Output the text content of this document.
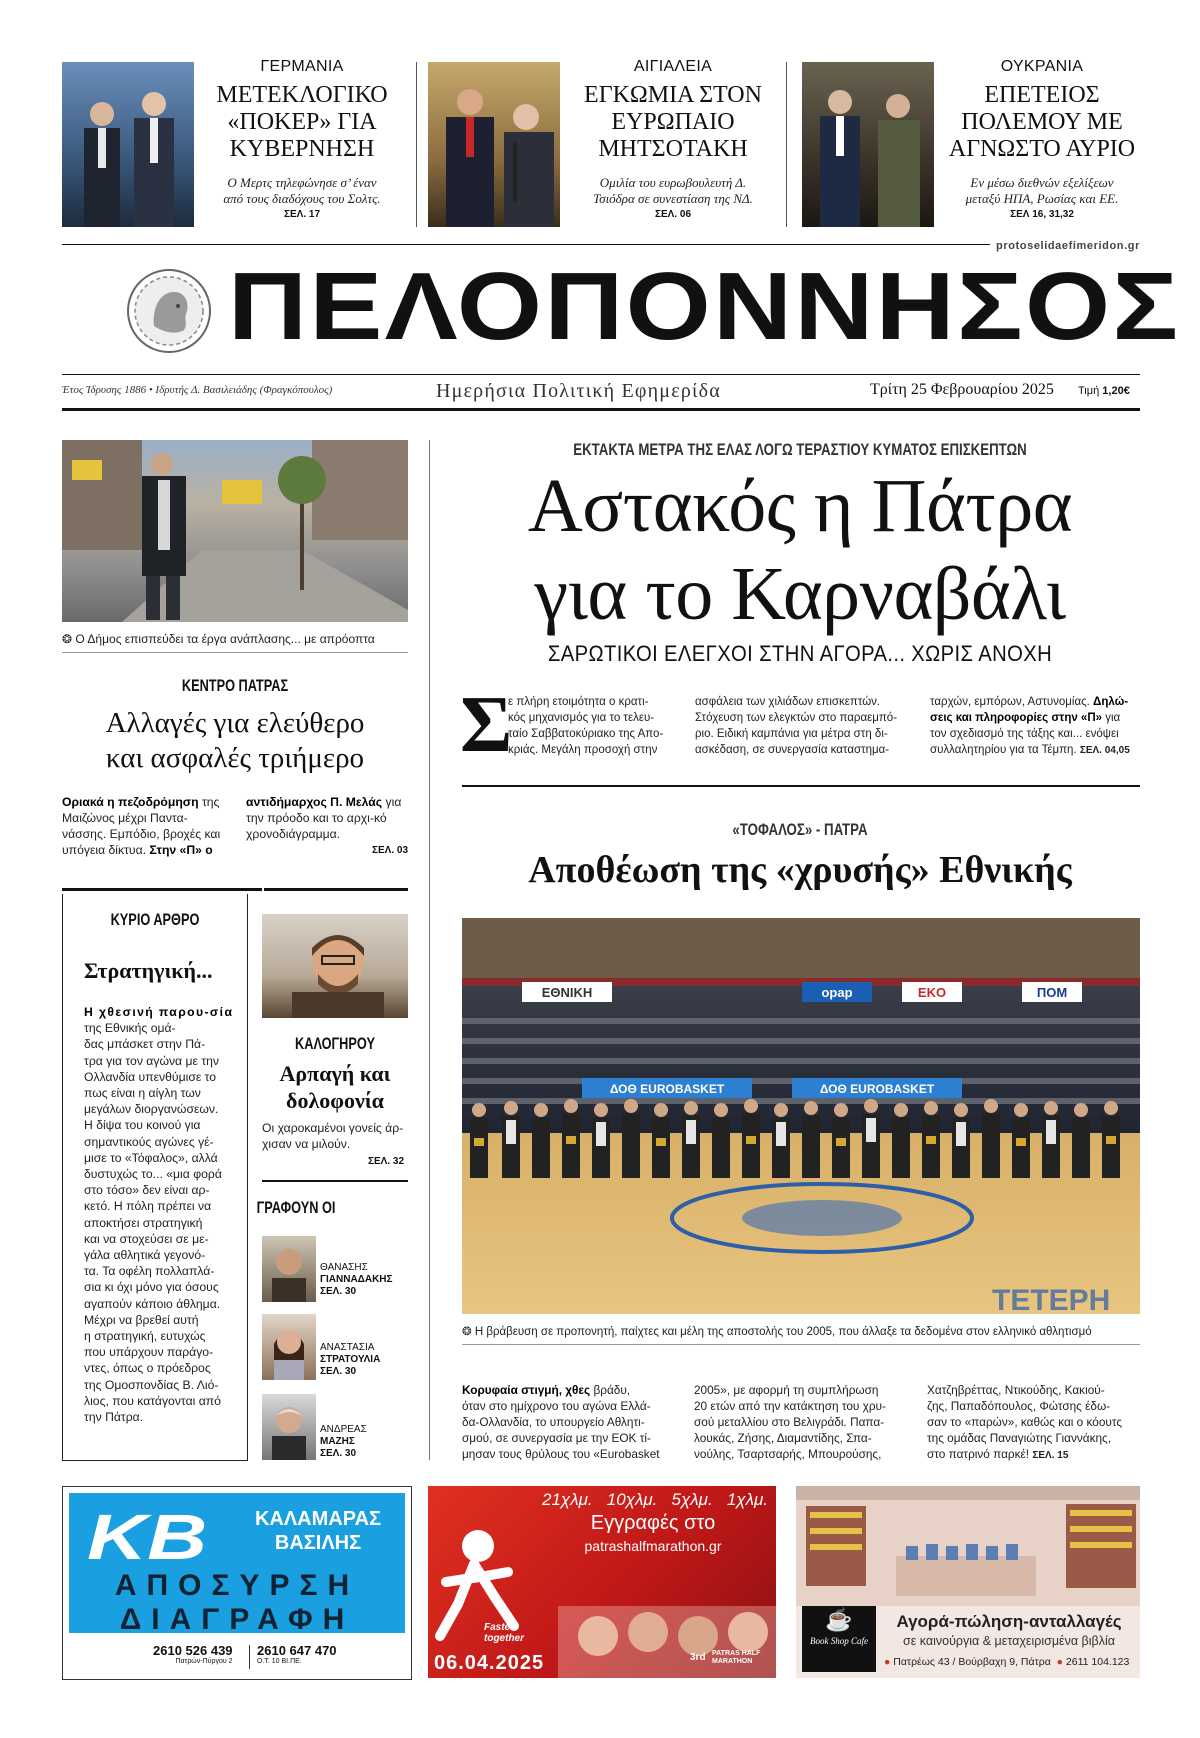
ΓΕΡΜΑΝΙΑ
ΜΕΤΕΚΛΟΓΙΚΟ
«ΠΟΚΕΡ» ΓΙΑ
ΚΥΒΕΡΝΗΣΗ
Ο Μερτς τηλεφώνησε σ’ έναν
από τους διαδόχους του Σολτς.
ΣΕΛ. 17
ΑΙΓΙΑΛΕΙΑ
ΕΓΚΩΜΙΑ ΣΤΟΝ
ΕΥΡΩΠΑΙΟ
ΜΗΤΣΟΤΑΚΗ
Ομιλία του ευρωβουλευτή Δ.
Τσιόδρα σε συνεστίαση της ΝΔ.
ΣΕΛ. 06
ΟΥΚΡΑΝΙΑ
ΕΠΕΤΕΙΟΣ
ΠΟΛΕΜΟΥ ΜΕ
ΑΓΝΩΣΤΟ ΑΥΡΙΟ
Εν μέσω διεθνών εξελίξεων
μεταξύ ΗΠΑ, Ρωσίας και ΕΕ.
ΣΕΛ 16, 31,32
protoselidaefimeridon.gr
ΠΕΛΟΠΟΝΝΗΣΟΣ
Έτος Ίδρυσης 1886 • Ιδρυτής Δ. Βασιλειάδης (Φραγκόπουλος)	Ημερήσια Πολιτική Εφημερίδα	Τρίτη 25 Φεβρουαρίου 2025 Τιμή 1,20€
❂ Ο Δήμος επισπεύδει τα έργα ανάπλασης... με απρόοπτα
ΚΕΝΤΡΟ ΠΑΤΡΑΣ
Αλλαγές για ελεύθερο
και ασφαλές τριήμερο
Οριακά η πεζοδρόμηση της Μαιζώνος μέχρι Παντα-νάσσης. Εμπόδιο, βροχές και υπόγεια δίκτυα. Στην «Π» ο
αντιδήμαρχος Π. Μελάς για την πρόοδο και το αρχι-κό χρονοδιάγραμμα.
ΣΕΛ. 03
ΚΥΡΙΟ ΑΡΘΡΟ
Στρατηγική...
Η χθεσινή παρου-σία της Εθνικής ομά-
δας μπάσκετ στην Πά-
τρα για τον αγώνα με την
Ολλανδία υπενθύμισε το
πως είναι η αίγλη των
μεγάλων διοργανώσεων.
Η δίψα του κοινού για
σημαντικούς αγώνες γέ-
μισε το «Τόφαλος», αλλά
δυστυχώς το... «μια φορά
στο τόσο» δεν είναι αρ-
κετό. Η πόλη πρέπει να
αποκτήσει στρατηγική
και να στοχεύσει σε με-
γάλα αθλητικά γεγονό-
τα. Τα οφέλη πολλαπλά-
σια κι όχι μόνο για όσους
αγαπούν κάποιο άθλημα.
Μέχρι να βρεθεί αυτή
η στρατηγική, ευτυχώς
που υπάρχουν παράγο-
ντες, όπως ο πρόεδρος
της Ομοσπονδίας Β. Λιό-
λιος, που κατάγονται από
την Πάτρα.
ΚΑΛΟΓΗΡΟΥ
Αρπαγή και
δολοφονία
Οι χαροκαμένοι γονείς άρ-
χισαν να μιλούν.
ΣΕΛ. 32
ΓΡΑΦΟΥΝ ΟΙ
ΘΑΝΑΣΗΣ
ΓΙΑΝΝΑΔΑΚΗΣ
ΣΕΛ. 30
ΑΝΑΣΤΑΣΙΑ
ΣΤΡΑΤΟΥΛΙΑ
ΣΕΛ. 30
ΑΝΔΡΕΑΣ
ΜΑΖΗΣ
ΣΕΛ. 30
ΕΚΤΑΚΤΑ ΜΕΤΡΑ ΤΗΣ ΕΛΑΣ ΛΟΓΩ ΤΕΡΑΣΤΙΟΥ ΚΥΜΑΤΟΣ ΕΠΙΣΚΕΠΤΩΝ
Αστακός η Πάτρα
για το Καρναβάλι
ΣΑΡΩΤΙΚΟΙ ΕΛΕΓΧΟΙ ΣΤΗΝ ΑΓΟΡΑ... ΧΩΡΙΣ ΑΝΟΧΗ
Σ
ε πλήρη ετοιμότητα ο κρατι-
κός μηχανισμός για το τελευ-
ταίο Σαββατοκύριακο της Απο-
κριάς. Μεγάλη προσοχή στην
ασφάλεια των χιλιάδων επισκεπτών.
Στόχευση των ελεγκτών στο παραεμπό-
ριο. Ειδική καμπάνια για μέτρα στη δι-
ασκέδαση, σε συνεργασία καταστημα-
ταρχών, εμπόρων, Αστυνομίας. Δηλώ-
σεις και πληροφορίες στην «Π» για
τον σχεδιασμό της τάξης και... ενόψει
συλλαλητηρίου για τα Τέμπη. ΣΕΛ. 04,05
«ΤΟΦΑΛΟΣ» - ΠΑΤΡΑ
Αποθέωση της «χρυσής» Εθνικής
ΕΘΝΙΚΗ	opap	EKO	ΠΟΜ
ΔΟΘ EUROBASKET	ΔΟΘ EUROBASKET
ΤΕΤΕΡΗ
❂ Η βράβευση σε προπονητή, παίχτες και μέλη της αποστολής του 2005, που άλλαξε τα δεδομένα στον ελληνικό αθλητισμό
Κορυφαία στιγμή, χθες βράδυ,
όταν στο ημίχρονο του αγώνα Ελλά-
δα-Ολλανδία, το υπουργείο Αθλητι-
σμού, σε συνεργασία με την ΕΟΚ τί-
μησαν τους θρύλους του «Eurobasket
2005», με αφορμή τη συμπλήρωση
20 ετών από την κατάκτηση του χρυ-
σού μεταλλίου στο Βελιγράδι. Παπα-
λουκάς, Ζήσης, Διαμαντίδης, Σπα-
νούλης, Τσαρτσαρής, Μπουρούσης,
Χατζηβρέττας, Ντικούδης, Κακιού-
ζης, Παπαδόπουλος, Φώτσης έδω-
σαν το «παρών», καθώς και ο κόουτς
της ομάδας Παναγιώτης Γιαννάκης,
στο πατρινό παρκέ! ΣΕΛ. 15
KB	ΚΑΛΑΜΑΡΑΣ
ΒΑΣΙΛΗΣ
ΑΠΟΣΥΡΣΗ
ΔΙΑΓΡΑΦΗ
2610 526 439
Πατρών-Πύργου 2
2610 647 470
Ο.Τ. 10 ΒΙ.ΠΕ.
21χλμ.   10χλμ.   5χλμ.   1χλμ.
Εγγραφές στο
patrashalfmarathon.gr
Faster together
06.04.2025	3rd PATRAS HALF MARATHON
☕
Book Shop Cafe
Αγορά-πώληση-ανταλλαγές
σε καινούργια & μεταχειρισμένα βιβλία
● Πατρέως 43 / Βούρβαχη 9, Πάτρα ● 2611 104.123
